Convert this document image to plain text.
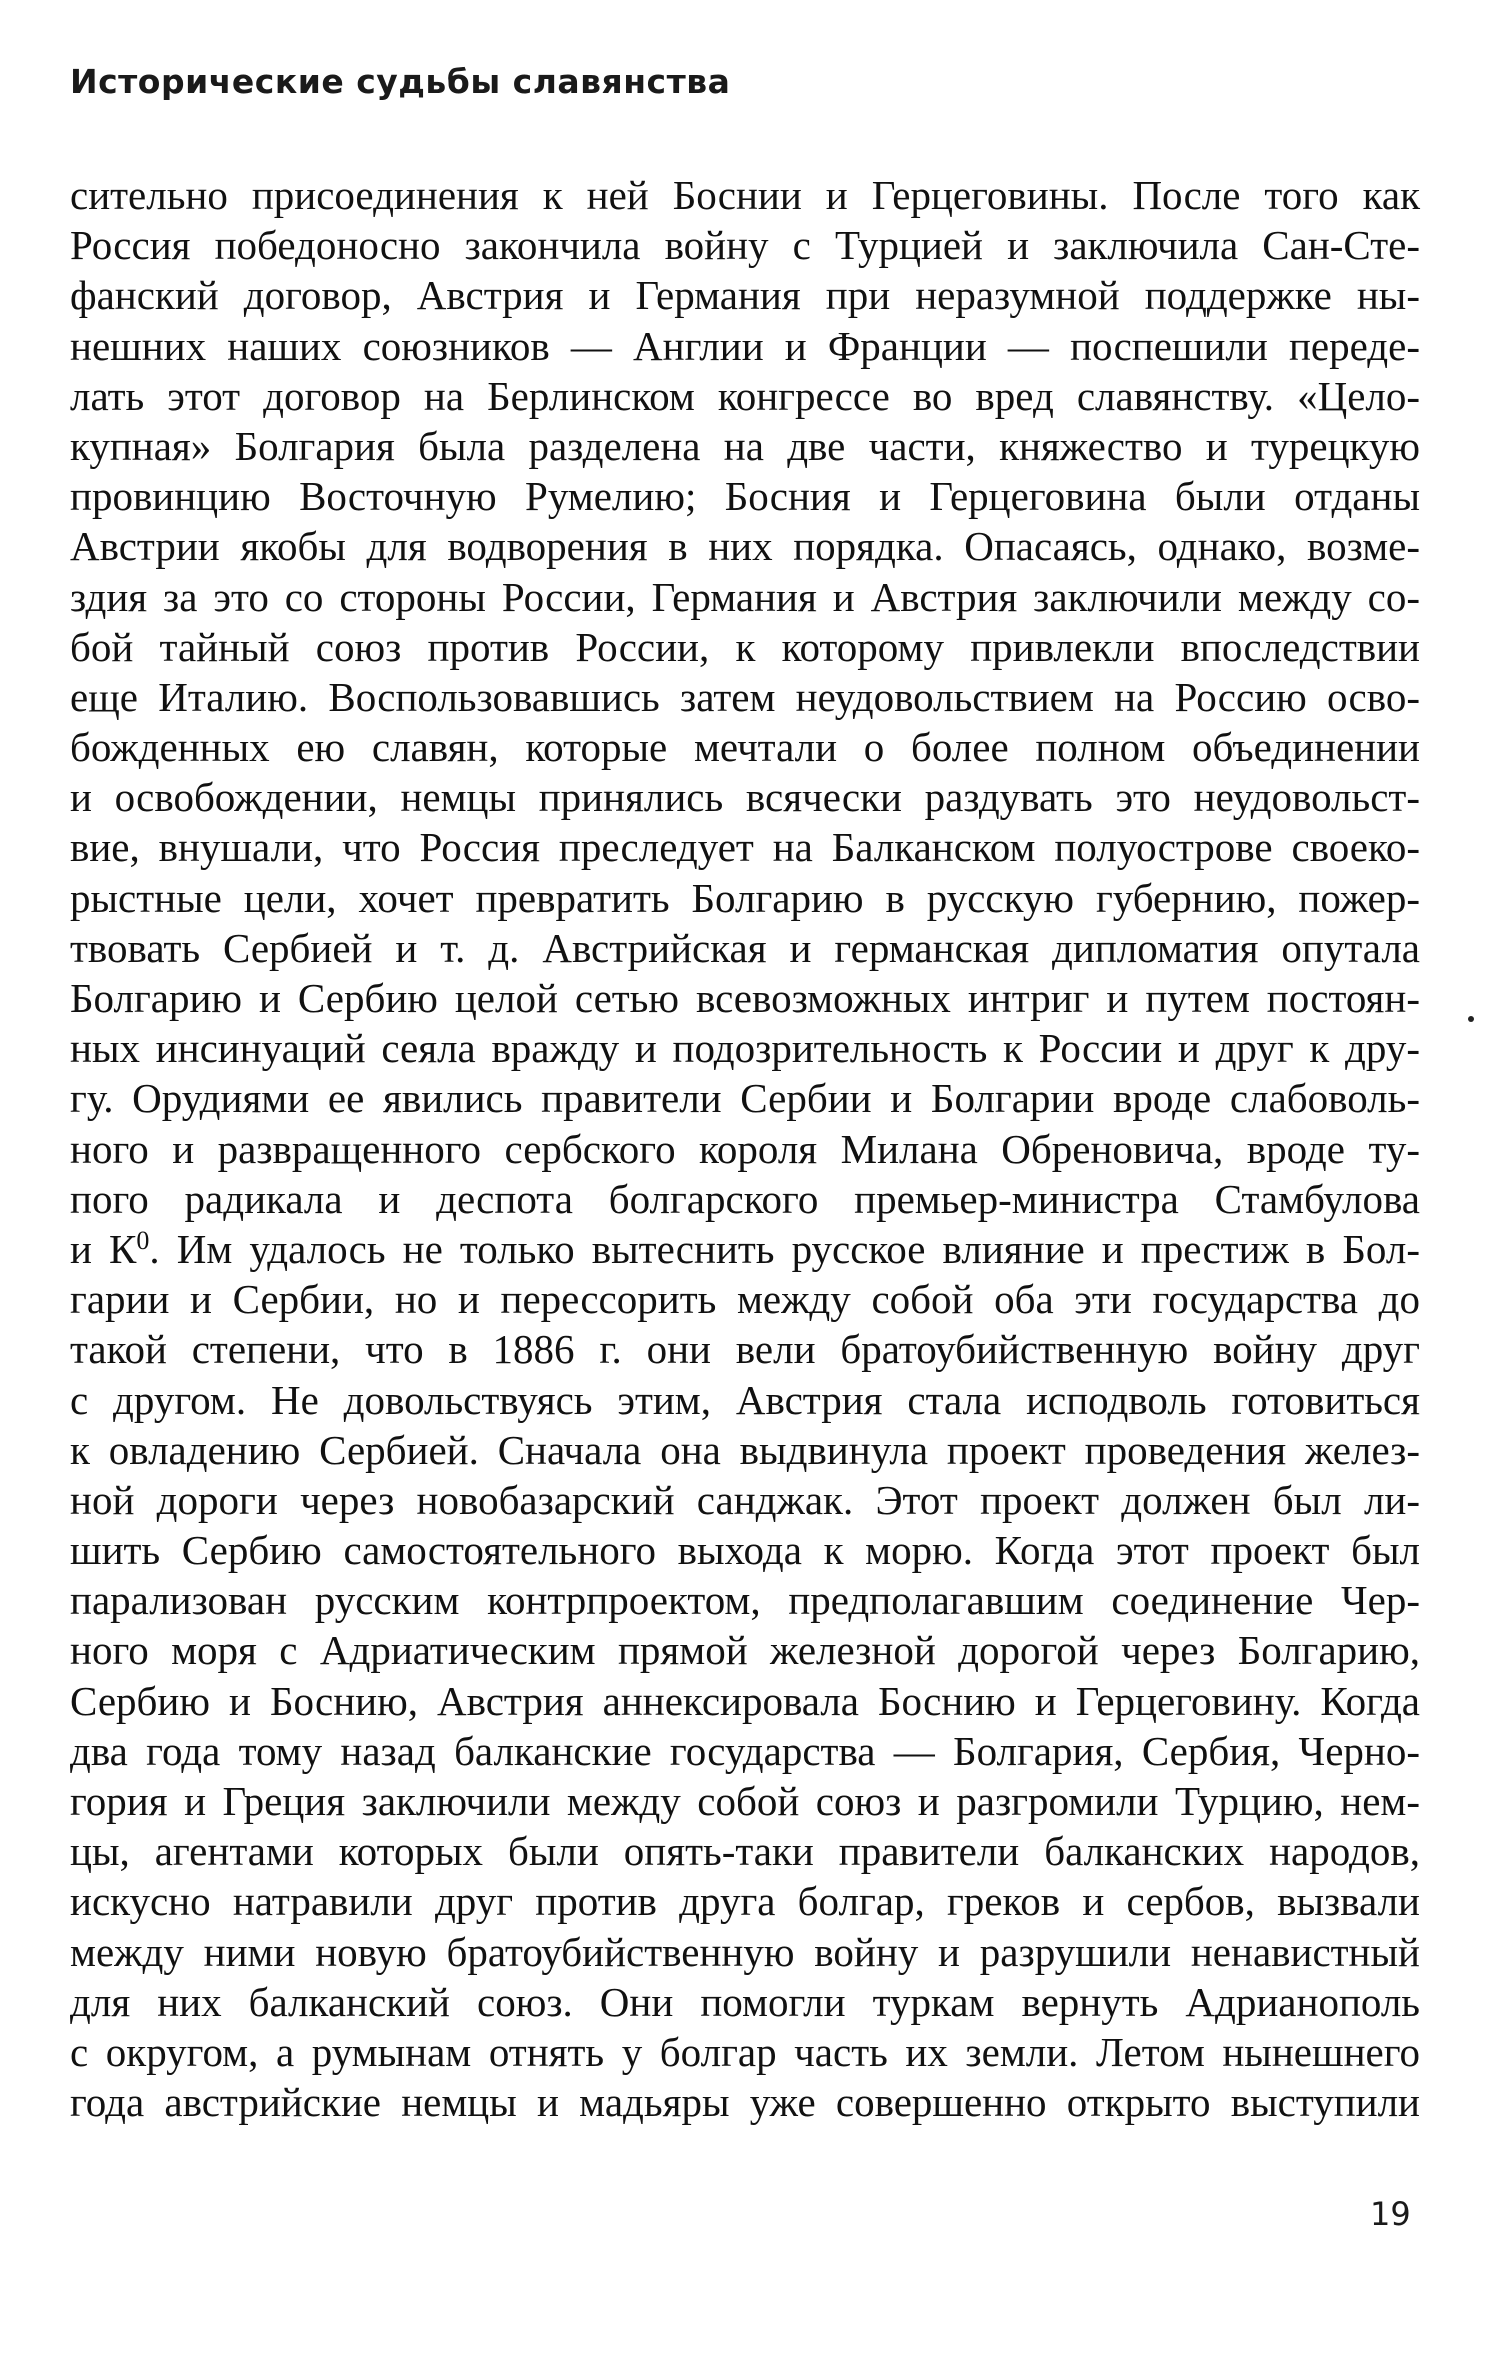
Исторические судьбы славянства
сительно присоединения к ней Боснии и Герцеговины. После того как
Россия победоносно закончила войну с Турцией и заключила Сан-Сте-
фанский договор, Австрия и Германия при неразумной поддержке ны-
нешних наших союзников — Англии и Франции — поспешили переде-
лать этот договор на Берлинском конгрессе во вред славянству. «Цело-
купная» Болгария была разделена на две части, княжество и турецкую
провинцию Восточную Румелию; Босния и Герцеговина были отданы
Австрии якобы для водворения в них порядка. Опасаясь, однако, возме-
здия за это со стороны России, Германия и Австрия заключили между со-
бой тайный союз против России, к которому привлекли впоследствии
еще Италию. Воспользовавшись затем неудовольствием на Россию осво-
божденных ею славян, которые мечтали о более полном объединении
и освобождении, немцы принялись всячески раздувать это неудовольст-
вие, внушали, что Россия преследует на Балканском полуострове своеко-
рыстные цели, хочет превратить Болгарию в русскую губернию, пожер-
твовать Сербией и т. д. Австрийская и германская дипломатия опутала
Болгарию и Сербию целой сетью всевозможных интриг и путем постоян-
ных инсинуаций сеяла вражду и подозрительность к России и друг к дру-
гу. Орудиями ее явились правители Сербии и Болгарии вроде слабоволь-
ного и развращенного сербского короля Милана Обреновича, вроде ту-
пого радикала и деспота болгарского премьер-министра Стамбулова
и $К^0$. Им удалось не только вытеснить русское влияние и престиж в Бол-
гарии и Сербии, но и перессорить между собой оба эти государства до
такой степени, что в 1886 г. они вели братоубийственную войну друг
с другом. Не довольствуясь этим, Австрия стала исподволь готовиться
к овладению Сербией. Сначала она выдвинула проект проведения желез-
ной дороги через новобазарский санджак. Этот проект должен был ли-
шить Сербию самостоятельного выхода к морю. Когда этот проект был
парализован русским контрпроектом, предполагавшим соединение Чер-
ного моря с Адриатическим прямой железной дорогой через Болгарию,
Сербию и Боснию, Австрия аннексировала Боснию и Герцеговину. Когда
два года тому назад балканские государства — Болгария, Сербия, Черно-
гория и Греция заключили между собой союз и разгромили Турцию, нем-
цы, агентами которых были опять-таки правители балканских народов,
искусно натравили друг против друга болгар, греков и сербов, вызвали
между ними новую братоубийственную войну и разрушили ненавистный
для них балканский союз. Они помогли туркам вернуть Адрианополь
с округом, а румынам отнять у болгар часть их земли. Летом нынешнего
года австрийские немцы и мадьяры уже совершенно открыто выступили

19
